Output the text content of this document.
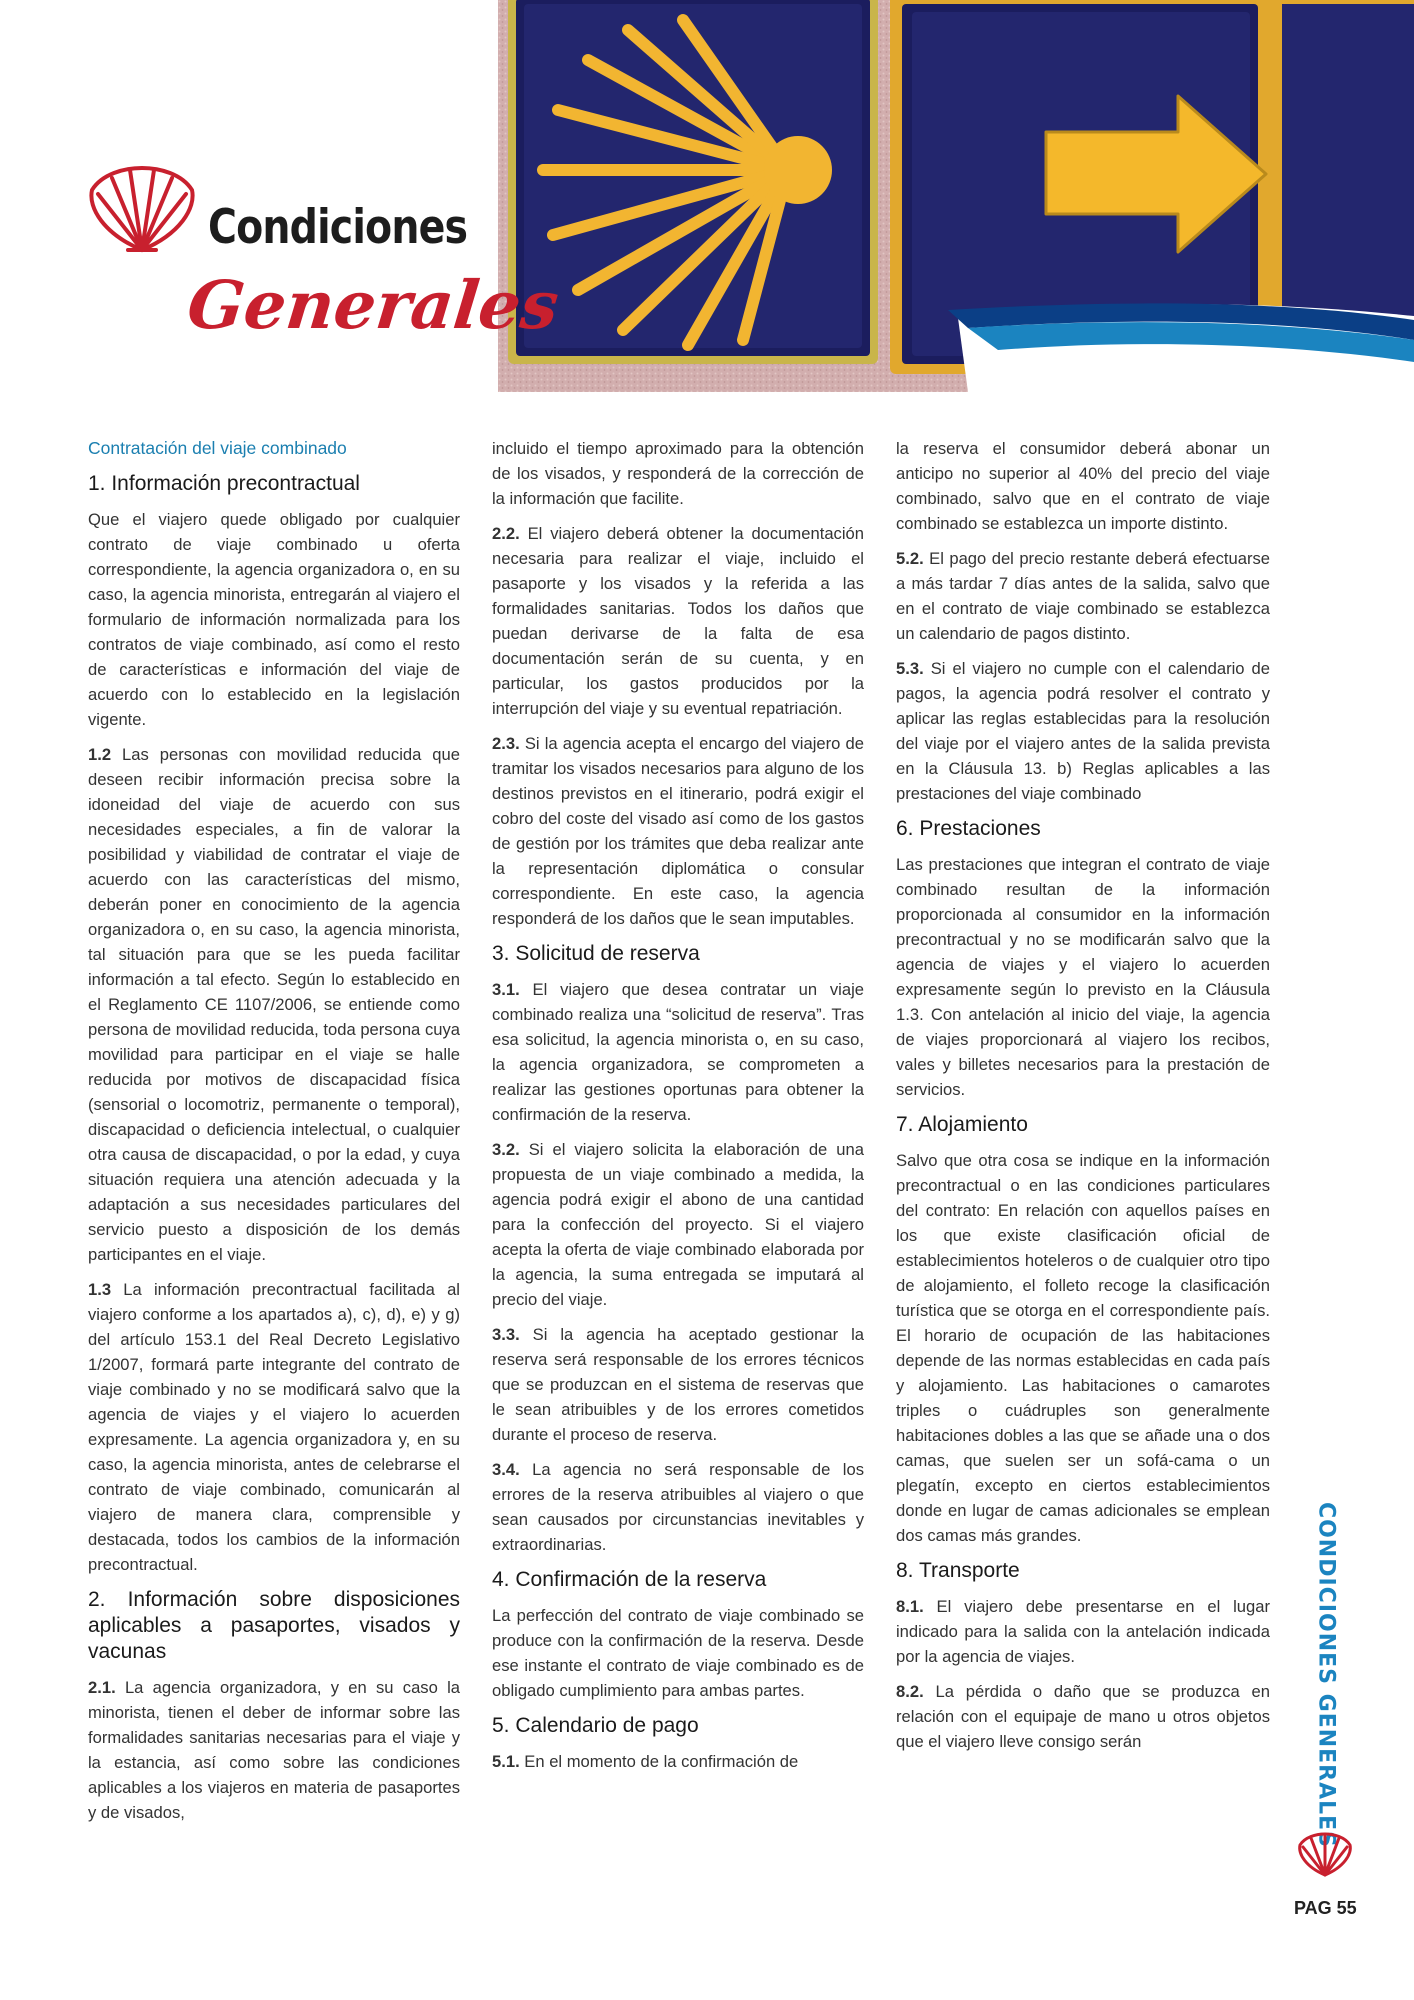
Condiciones
Generales
Contratación del viaje combinado
1. Información precontractual

Que el viajero quede obligado por cualquier contrato de viaje combinado u oferta correspondiente, la agencia organizadora o, en su caso, la agencia minorista, entregarán al viajero el formulario de información normalizada para los contratos de viaje combinado, así como el resto de características e información del viaje de acuerdo con lo establecido en la legislación vigente.

1.2 Las personas con movilidad reducida que deseen recibir información precisa sobre la idoneidad del viaje de acuerdo con sus necesidades especiales, a fin de valorar la posibilidad y viabilidad de contratar el viaje de acuerdo con las características del mismo, deberán poner en conocimiento de la agencia organizadora o, en su caso, la agencia minorista, tal situación para que se les pueda facilitar información a tal efecto. Según lo establecido en el Reglamento CE 1107/2006, se entiende como persona de movilidad reducida, toda persona cuya movilidad para participar en el viaje se halle reducida por motivos de discapacidad física (sensorial o locomotriz, permanente o temporal), discapacidad o deficiencia intelectual, o cualquier otra causa de discapacidad, o por la edad, y cuya situación requiera una atención adecuada y la adaptación a sus necesidades particulares del servicio puesto a disposición de los demás participantes en el viaje.

1.3 La información precontractual facilitada al viajero conforme a los apartados a), c), d), e) y g) del artículo 153.1 del Real Decreto Legislativo 1/2007, formará parte integrante del contrato de viaje combinado y no se modificará salvo que la agencia de viajes y el viajero lo acuerden expresamente. La agencia organizadora y, en su caso, la agencia minorista, antes de celebrarse el contrato de viaje combinado, comunicarán al viajero de manera clara, comprensible y destacada, todos los cambios de la información precontractual.

2. Información sobre disposiciones aplicables a pasaportes, visados y vacunas

2.1. La agencia organizadora, y en su caso la minorista, tienen el deber de informar sobre las formalidades sanitarias necesarias para el viaje y la estancia, así como sobre las condiciones aplicables a los viajeros en materia de pasaportes y de visados,

incluido el tiempo aproximado para la obtención de los visados, y responderá de la corrección de la información que facilite.

2.2. El viajero deberá obtener la documentación necesaria para realizar el viaje, incluido el pasaporte y los visados y la referida a las formalidades sanitarias. Todos los daños que puedan derivarse de la falta de esa documentación serán de su cuenta, y en particular, los gastos producidos por la interrupción del viaje y su eventual repatriación.

2.3. Si la agencia acepta el encargo del viajero de tramitar los visados necesarios para alguno de los destinos previstos en el itinerario, podrá exigir el cobro del coste del visado así como de los gastos de gestión por los trámites que deba realizar ante la representación diplomática o consular correspondiente. En este caso, la agencia responderá de los daños que le sean imputables.

3. Solicitud de reserva

3.1. El viajero que desea contratar un viaje combinado realiza una “solicitud de reserva”. Tras esa solicitud, la agencia minorista o, en su caso, la agencia organizadora, se comprometen a realizar las gestiones oportunas para obtener la confirmación de la reserva.

3.2. Si el viajero solicita la elaboración de una propuesta de un viaje combinado a medida, la agencia podrá exigir el abono de una cantidad para la confección del proyecto. Si el viajero acepta la oferta de viaje combinado elaborada por la agencia, la suma entregada se imputará al precio del viaje.

3.3. Si la agencia ha aceptado gestionar la reserva será responsable de los errores técnicos que se produzcan en el sistema de reservas que le sean atribuibles y de los errores cometidos durante el proceso de reserva.

3.4. La agencia no será responsable de los errores de la reserva atribuibles al viajero o que sean causados por circunstancias inevitables y extraordinarias.

4. Confirmación de la reserva

La perfección del contrato de viaje combinado se produce con la confirmación de la reserva. Desde ese instante el contrato de viaje combinado es de obligado cumplimiento para ambas partes.

5. Calendario de pago

5.1. En el momento de la confirmación de

la reserva el consumidor deberá abonar un anticipo no superior al 40% del precio del viaje combinado, salvo que en el contrato de viaje combinado se establezca un importe distinto.

5.2. El pago del precio restante deberá efectuarse a más tardar 7 días antes de la salida, salvo que en el contrato de viaje combinado se establezca un calendario de pagos distinto.

5.3. Si el viajero no cumple con el calendario de pagos, la agencia podrá resolver el contrato y aplicar las reglas establecidas para la resolución del viaje por el viajero antes de la salida prevista en la Cláusula 13. b) Reglas aplicables a las prestaciones del viaje combinado

6. Prestaciones

Las prestaciones que integran el contrato de viaje combinado resultan de la información proporcionada al consumidor en la información precontractual y no se modificarán salvo que la agencia de viajes y el viajero lo acuerden expresamente según lo previsto en la Cláusula 1.3. Con antelación al inicio del viaje, la agencia de viajes proporcionará al viajero los recibos, vales y billetes necesarios para la prestación de servicios.

7. Alojamiento

Salvo que otra cosa se indique en la información precontractual o en las condiciones particulares del contrato: En relación con aquellos países en los que existe clasificación oficial de establecimientos hoteleros o de cualquier otro tipo de alojamiento, el folleto recoge la clasificación turística que se otorga en el correspondiente país. El horario de ocupación de las habitaciones depende de las normas establecidas en cada país y alojamiento. Las habitaciones o camarotes triples o cuádruples son generalmente habitaciones dobles a las que se añade una o dos camas, que suelen ser un sofá-cama o un plegatín, excepto en ciertos establecimientos donde en lugar de camas adicionales se emplean dos camas más grandes.

8. Transporte

8.1. El viajero debe presentarse en el lugar indicado para la salida con la antelación indicada por la agencia de viajes.

8.2. La pérdida o daño que se produzca en relación con el equipaje de mano u otros objetos que el viajero lleve consigo serán	CONDICIONES GENERALES
PAG 55
